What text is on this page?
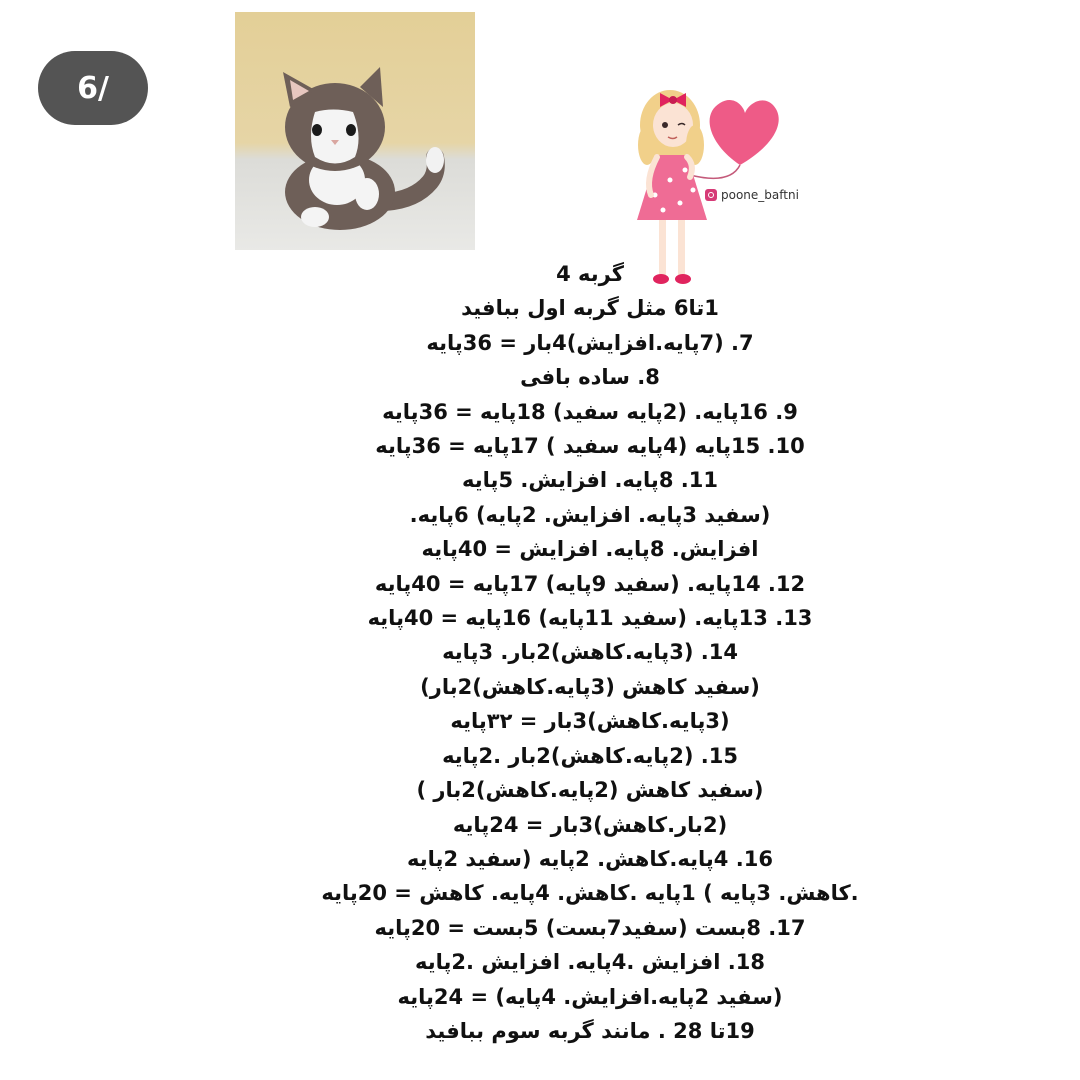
6/
poone_baftni
گربه 4
1تا6 مثل گربه اول ببافید
7. (7پایه.افزایش)4بار = 36پایه
8. ساده بافی
9. 16پایه. (2پایه سفید) 18پایه = 36پایه
10. 15پایه (4پایه سفید ) 17پایه = 36پایه
11. 8پایه. افزایش. 5پایه
(سفید 3پایه. افزایش. 2پایه) 6پایه.
افزایش. 8پایه. افزایش = 40پایه
12. 14پایه. (سفید 9پایه) 17پایه = 40پایه
13. 13پایه. (سفید 11پایه) 16پایه = 40پایه
14. (3پایه.کاهش)2بار. 3پایه
(سفید کاهش (3پایه.کاهش)2بار)
(3پایه.کاهش)3بار = ۳۲پایه
15. (2پایه.کاهش)2بار .2پایه
(سفید کاهش (2پایه.کاهش)2بار )
(2بار.کاهش)3بار = 24پایه
16. 4پایه.کاهش. 2پایه (سفید 2پایه
.کاهش. 3پایه ) 1پایه .کاهش. 4پایه. کاهش = 20پایه
17. 8بست (سفید7بست) 5بست = 20پایه
18. افزایش .4پایه. افزایش .2پایه
(سفید 2پایه.افزایش. 4پایه) = 24پایه
19تا 28 . مانند گربه سوم ببافید
